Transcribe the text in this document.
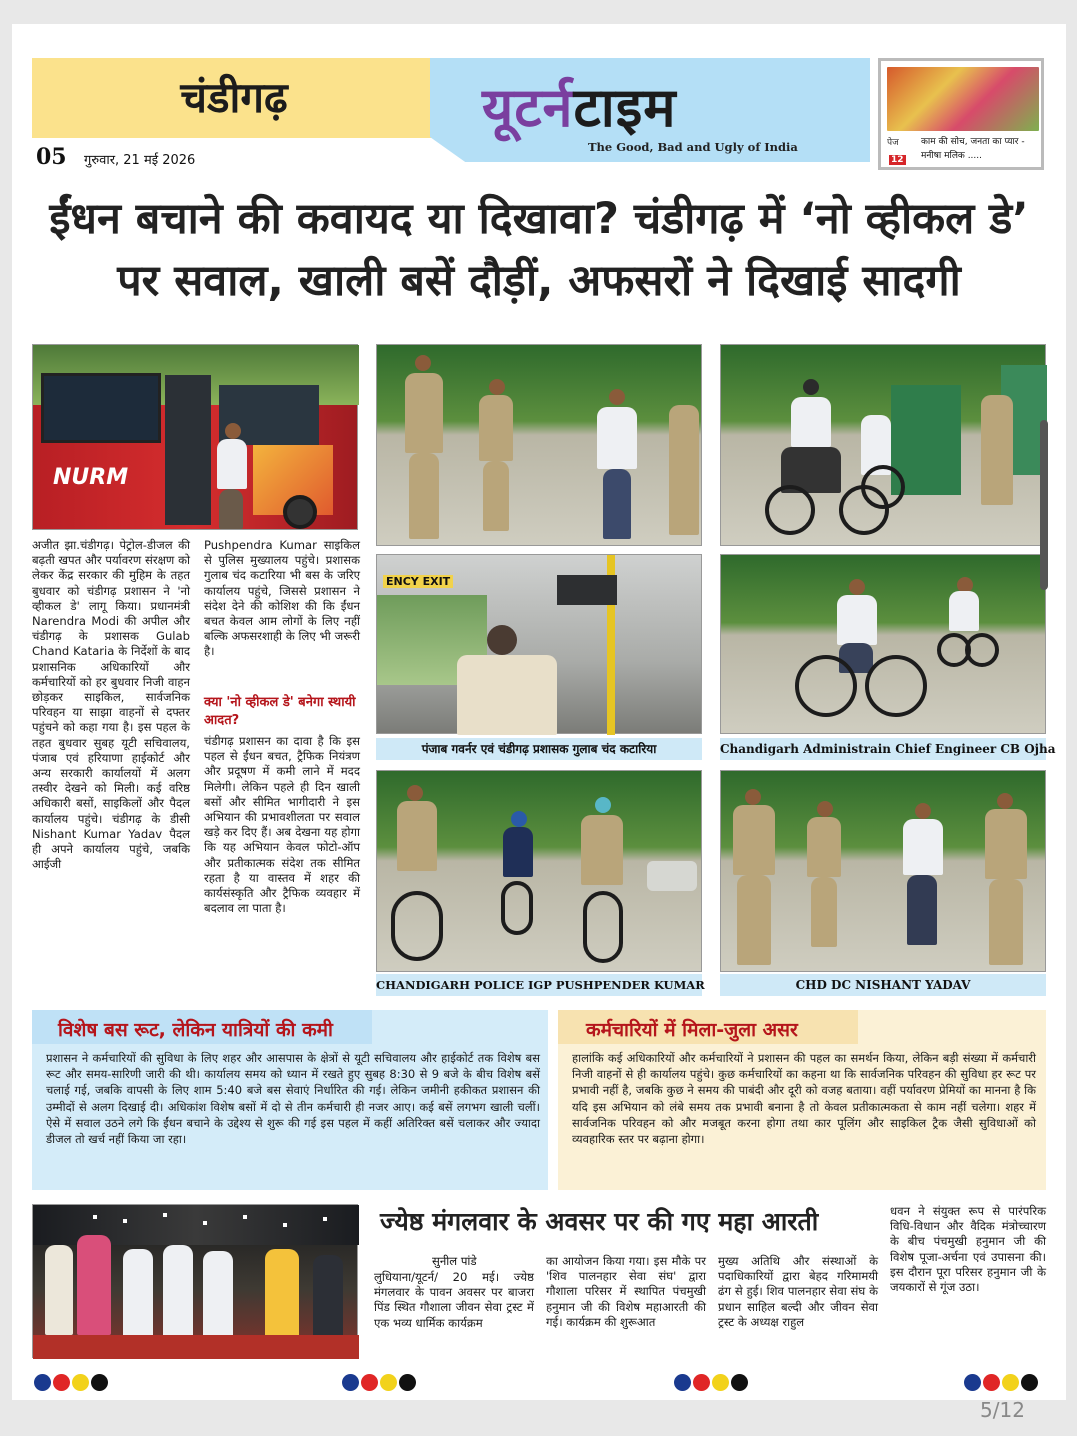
चंडीगढ़	यूटर्नटाइम
The Good, Bad and Ugly of India
05 गुरुवार, 21 मई 2026
पेज
12
काम की सोच, जनता का प्यार - मनीषा मलिक .....
ईंधन बचाने की कवायद या दिखावा? चंडीगढ़ में ‘नो व्हीकल डे’ पर सवाल, खाली बसें दौड़ीं, अफसरों ने दिखाई सादगी
NURM
ENCY EXIT
पंजाब गवर्नर एवं चंडीगढ़ प्रशासक गुलाब चंद कटारिया	Chandigarh Administrain Chief Engineer CB Ojha
CHANDIGARH POLICE IGP PUSHPENDER KUMAR	CHD DC NISHANT YADAV
अजीत झा.चंडीगढ़। पेट्रोल-डीजल की बढ़ती खपत और पर्यावरण संरक्षण को लेकर केंद्र सरकार की मुहिम के तहत बुधवार को चंडीगढ़ प्रशासन ने 'नो व्हीकल डे' लागू किया। प्रधानमंत्री Narendra Modi की अपील और चंडीगढ़ के प्रशासक Gulab Chand Kataria के निर्देशों के बाद प्रशासनिक अधिकारियों और कर्मचारियों को हर बुधवार निजी वाहन छोड़कर साइकिल, सार्वजनिक परिवहन या साझा वाहनों से दफ्तर पहुंचने को कहा गया है। इस पहल के तहत बुधवार सुबह यूटी सचिवालय, पंजाब एवं हरियाणा हाईकोर्ट और अन्य सरकारी कार्यालयों में अलग तस्वीर देखने को मिली। कई वरिष्ठ अधिकारी बसों, साइकिलों और पैदल कार्यालय पहुंचे। चंडीगढ़ के डीसी Nishant Kumar Yadav पैदल ही अपने कार्यालय पहुंचे, जबकि आईजी
Pushpendra Kumar साइकिल से पुलिस मुख्यालय पहुंचे। प्रशासक गुलाब चंद कटारिया भी बस के जरिए कार्यालय पहुंचे, जिससे प्रशासन ने संदेश देने की कोशिश की कि ईंधन बचत केवल आम लोगों के लिए नहीं बल्कि अफसरशाही के लिए भी जरूरी है।
क्या 'नो व्हीकल डे' बनेगा स्थायी आदत?
चंडीगढ़ प्रशासन का दावा है कि इस पहल से ईंधन बचत, ट्रैफिक नियंत्रण और प्रदूषण में कमी लाने में मदद मिलेगी। लेकिन पहले ही दिन खाली बसों और सीमित भागीदारी ने इस अभियान की प्रभावशीलता पर सवाल खड़े कर दिए हैं। अब देखना यह होगा कि यह अभियान केवल फोटो-ऑप और प्रतीकात्मक संदेश तक सीमित रहता है या वास्तव में शहर की कार्यसंस्कृति और ट्रैफिक व्यवहार में बदलाव ला पाता है।
विशेष बस रूट, लेकिन यात्रियों की कमी
प्रशासन ने कर्मचारियों की सुविधा के लिए शहर और आसपास के क्षेत्रों से यूटी सचिवालय और हाईकोर्ट तक विशेष बस रूट और समय-सारिणी जारी की थी। कार्यालय समय को ध्यान में रखते हुए सुबह 8:30 से 9 बजे के बीच विशेष बसें चलाई गई, जबकि वापसी के लिए शाम 5:40 बजे बस सेवाएं निर्धारित की गई। लेकिन जमीनी हकीकत प्रशासन की उम्मीदों से अलग दिखाई दी। अधिकांश विशेष बसों में दो से तीन कर्मचारी ही नजर आए। कई बसें लगभग खाली चलीं। ऐसे में सवाल उठने लगे कि ईंधन बचाने के उद्देश्य से शुरू की गई इस पहल में कहीं अतिरिक्त बसें चलाकर और ज्यादा डीजल तो खर्च नहीं किया जा रहा।
कर्मचारियों में मिला-जुला असर
हालांकि कई अधिकारियों और कर्मचारियों ने प्रशासन की पहल का समर्थन किया, लेकिन बड़ी संख्या में कर्मचारी निजी वाहनों से ही कार्यालय पहुंचे। कुछ कर्मचारियों का कहना था कि सार्वजनिक परिवहन की सुविधा हर रूट पर प्रभावी नहीं है, जबकि कुछ ने समय की पाबंदी और दूरी को वजह बताया। वहीं पर्यावरण प्रेमियों का मानना है कि यदि इस अभियान को लंबे समय तक प्रभावी बनाना है तो केवल प्रतीकात्मकता से काम नहीं चलेगा। शहर में सार्वजनिक परिवहन को और मजबूत करना होगा तथा कार पूलिंग और साइकिल ट्रैक जैसी सुविधाओं को व्यवहारिक स्तर पर बढ़ाना होगा।
ज्येष्ठ मंगलवार के अवसर पर की गए महा आरती
सुनील पांडे
लुधियाना/यूटर्न/ 20 मई। ज्येष्ठ मंगलवार के पावन अवसर पर बाजरा पिंड स्थित गौशाला जीवन सेवा ट्रस्ट में एक भव्य धार्मिक कार्यक्रम
का आयोजन किया गया। इस मौके पर 'शिव पालनहार सेवा संघ' द्वारा गौशाला परिसर में स्थापित पंचमुखी हनुमान जी की विशेष महाआरती की गई। कार्यक्रम की शुरूआत
मुख्य अतिथि और संस्थाओं के पदाधिकारियों द्वारा बेहद गरिमामयी ढंग से हुई। शिव पालनहार सेवा संघ के प्रधान साहिल बल्दी और जीवन सेवा ट्रस्ट के अध्यक्ष राहुल
धवन ने संयुक्त रूप से पारंपरिक विधि-विधान और वैदिक मंत्रोच्चारण के बीच पंचमुखी हनुमान जी की विशेष पूजा-अर्चना एवं उपासना की। इस दौरान पूरा परिसर हनुमान जी के जयकारों से गूंज उठा।
5/12
